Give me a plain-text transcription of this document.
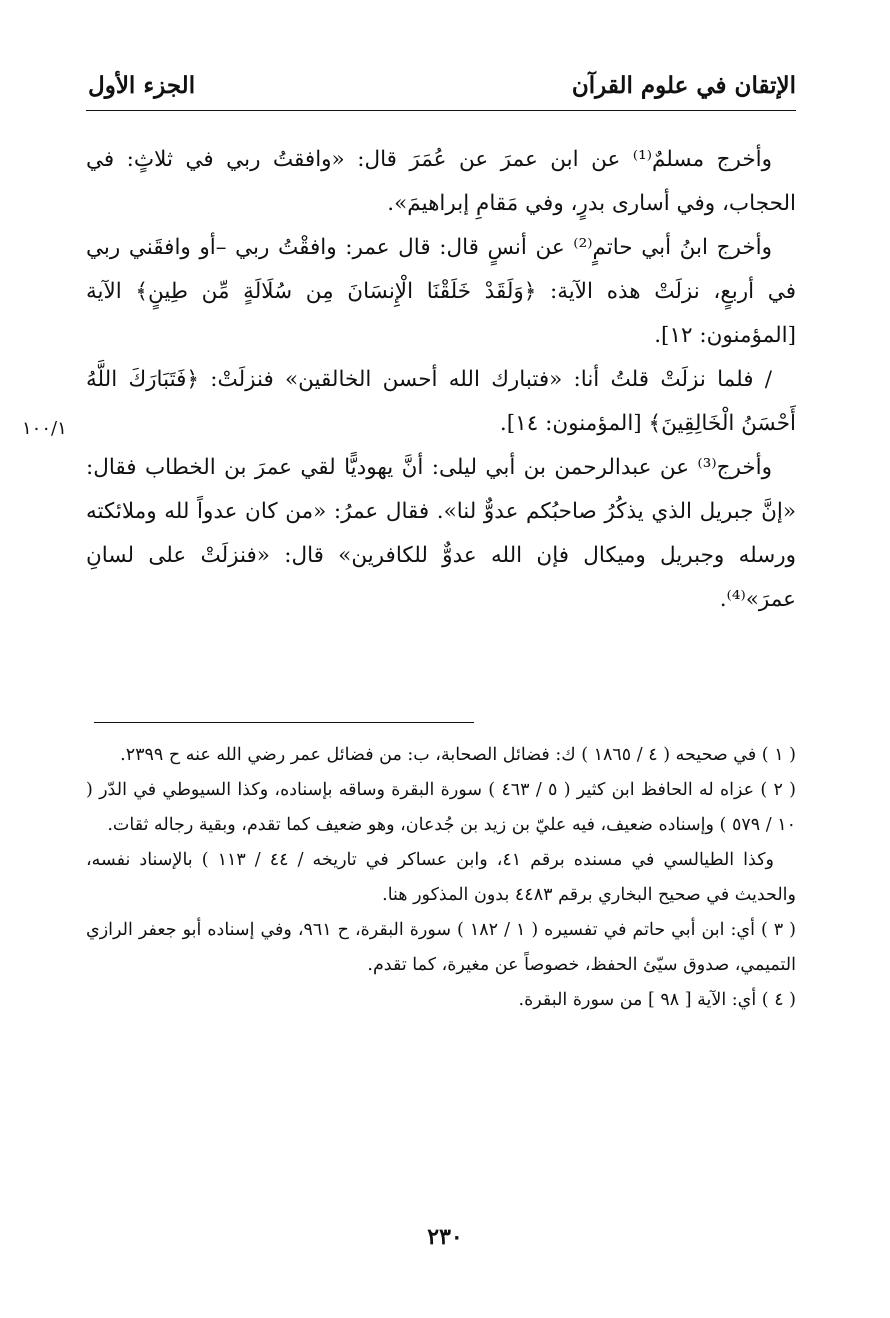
الإتقان في علوم القرآن
الجزء الأول

وأخرج مسلمٌ⁽¹⁾ عن ابن عمرَ عن عُمَرَ قال: «وافقتُ ربي في ثلاثٍ: في الحجاب، وفي أسارى بدرٍ، وفي مَقامِ إبراهيمَ».

وأخرج ابنُ أبي حاتمٍ⁽²⁾ عن أنسٍ قال: قال عمر: وافقْتُ ربي –أو وافقَني ربي في أربعٍ، نزلَتْ هذه الآية: ﴿وَلَقَدْ خَلَقْنَا الْإِنسَانَ مِن سُلَالَةٍ مِّن طِينٍ﴾ الآية [المؤمنون: ١٢].

/ فلما نزلَتْ قلتُ أنا: «فتبارك الله أحسن الخالقين» فنزلَتْ: ﴿فَتَبَارَكَ اللَّهُ أَحْسَنُ الْخَالِقِينَ﴾ [المؤمنون: ١٤].

وأخرج⁽³⁾ عن عبدالرحمن بن أبي ليلى: أنَّ يهوديًّا لقي عمرَ بن الخطاب فقال: «إنَّ جبريل الذي يذكُرُ صاحبُكم عدوٌّ لنا». فقال عمرُ: «من كان عدواً لله وملائكته ورسله وجبريل وميكال فإن الله عدوٌّ للكافرين» قال: «فنزلَتْ على لسانِ عمرَ»⁽⁴⁾.

١٠٠/١

( ١ ) في صحيحه ( ٤ / ١٨٦٥ ) ك: فضائل الصحابة، ب: من فضائل عمر رضي الله عنه ح ٢٣٩٩.

( ٢ ) عزاه له الحافظ ابن كثير ( ٥ / ٤٦٣ ) سورة البقرة وساقه بإسناده، وكذا السيوطي في الدّر ( ١٠ / ٥٧٩ ) وإسناده ضعيف، فيه عليّ بن زيد بن جُدعان، وهو ضعيف كما تقدم، وبقية رجاله ثقات.

وكذا الطيالسي في مسنده برقم ٤١، وابن عساكر في تاريخه / ٤٤ / ١١٣ ) بالإسناد نفسه، والحديث في صحيح البخاري برقم ٤٤٨٣ بدون المذكور هنا.

( ٣ ) أي: ابن أبي حاتم في تفسيره ( ١ / ١٨٢ ) سورة البقرة، ح ٩٦١، وفي إسناده أبو جعفر الرازي التميمي، صدوق سيّئ الحفظ، خصوصاً عن مغيرة، كما تقدم.

( ٤ ) أي: الآية [ ٩٨ ] من سورة البقرة.

٢٣٠
